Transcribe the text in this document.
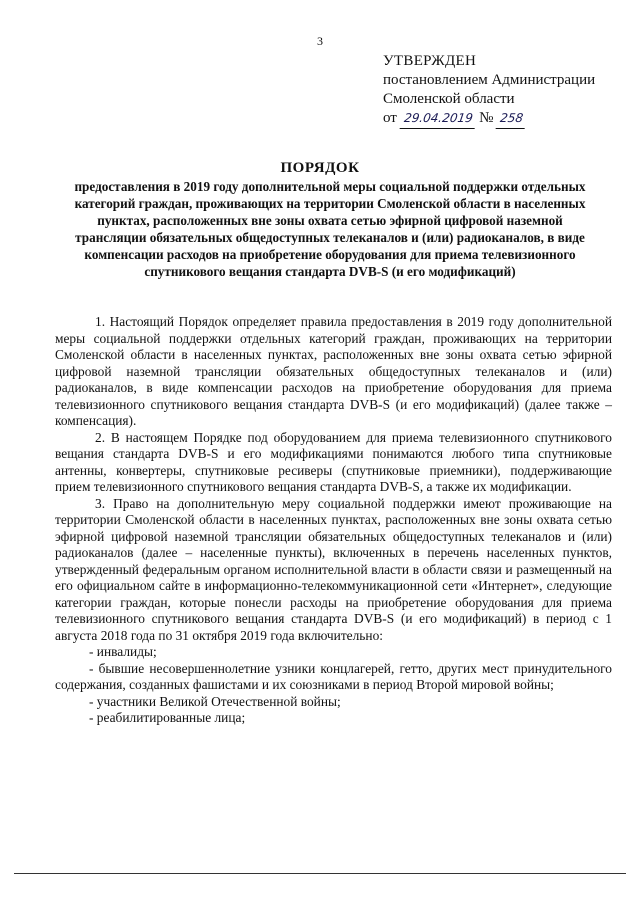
3
УТВЕРЖДЕН
постановлением Администрации
Смоленской области
от 29.04.2019 № 258
ПОРЯДОК
предоставления в 2019 году дополнительной меры социальной поддержки отдельных категорий граждан, проживающих на территории Смоленской области в населенных пунктах, расположенных вне зоны охвата сетью эфирной цифровой наземной трансляции обязательных общедоступных телеканалов и (или) радиоканалов, в виде компенсации расходов на приобретение оборудования для приема телевизионного спутникового вещания стандарта DVB-S (и его модификаций)

1. Настоящий Порядок определяет правила предоставления в 2019 году дополнительной меры социальной поддержки отдельных категорий граждан, проживающих на территории Смоленской области в населенных пунктах, расположенных вне зоны охвата сетью эфирной цифровой наземной трансляции обязательных общедоступных телеканалов и (или) радиоканалов, в виде компенсации расходов на приобретение оборудования для приема телевизионного спутникового вещания стандарта DVB-S (и его модификаций) (далее также – компенсация).

2. В настоящем Порядке под оборудованием для приема телевизионного спутникового вещания стандарта DVB-S и его модификациями понимаются любого типа спутниковые антенны, конвертеры, спутниковые ресиверы (спутниковые приемники), поддерживающие прием телевизионного спутникового вещания стандарта DVB-S, а также их модификации.

3. Право на дополнительную меру социальной поддержки имеют проживающие на территории Смоленской области в населенных пунктах, расположенных вне зоны охвата сетью эфирной цифровой наземной трансляции обязательных общедоступных телеканалов и (или) радиоканалов (далее – населенные пункты), включенных в перечень населенных пунктов, утвержденный федеральным органом исполнительной власти в области связи и размещенный на его официальном сайте в информационно-телекоммуникационной сети «Интернет», следующие категории граждан, которые понесли расходы на приобретение оборудования для приема телевизионного спутникового вещания стандарта DVB-S (и его модификаций) в период с 1 августа 2018 года по 31 октября 2019 года включительно:

- инвалиды;

- бывшие несовершеннолетние узники концлагерей, гетто, других мест принудительного содержания, созданных фашистами и их союзниками в период Второй мировой войны;

- участники Великой Отечественной войны;

- реабилитированные лица;
